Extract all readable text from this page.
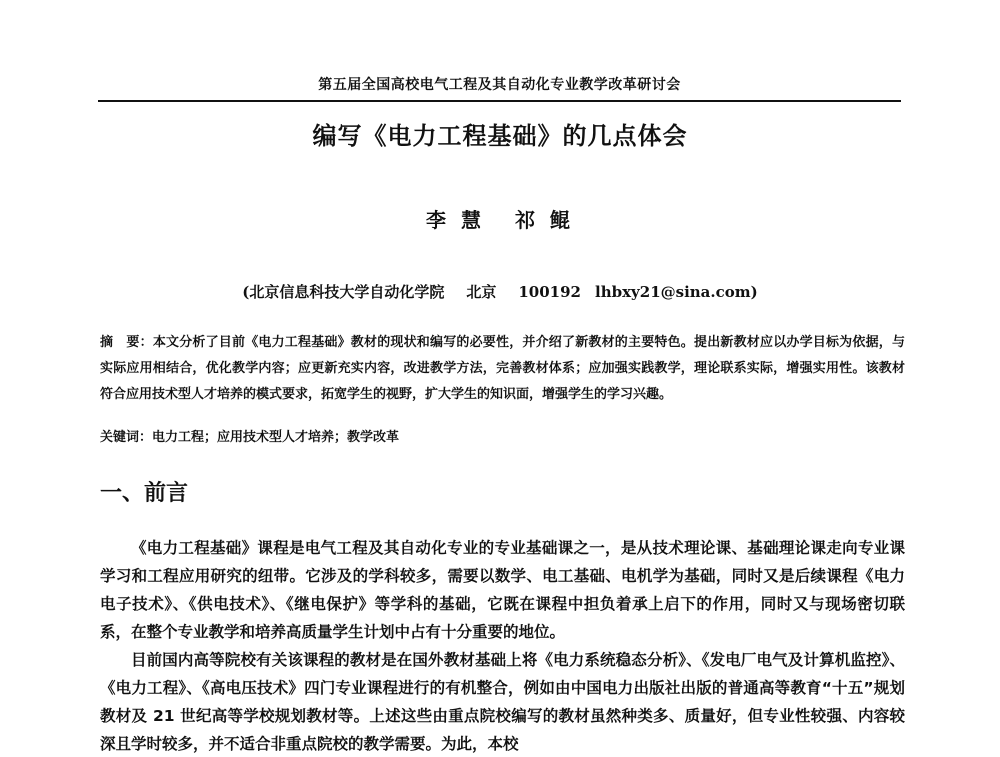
第五届全国高校电气工程及其自动化专业教学改革研讨会
编写《电力工程基础》的几点体会
李 慧 祁 鲲
(北京信息科技大学自动化学院 北京 100192 lhbxy21@sina.com)
摘　要：本文分析了目前《电力工程基础》教材的现状和编写的必要性，并介绍了新教材的主要特色。提出新教材应以办学目标为依据，与实际应用相结合，优化教学内容；应更新充实内容，改进教学方法，完善教材体系；应加强实践教学，理论联系实际，增强实用性。该教材符合应用技术型人才培养的模式要求，拓宽学生的视野，扩大学生的知识面，增强学生的学习兴趣。
关键词：电力工程；应用技术型人才培养；教学改革
一、前言

《电力工程基础》课程是电气工程及其自动化专业的专业基础课之一，是从技术理论课、基础理论课走向专业课学习和工程应用研究的纽带。它涉及的学科较多，需要以数学、电工基础、电机学为基础，同时又是后续课程《电力电子技术》、《供电技术》、《继电保护》等学科的基础，它既在课程中担负着承上启下的作用，同时又与现场密切联系，在整个专业教学和培养高质量学生计划中占有十分重要的地位。

目前国内高等院校有关该课程的教材是在国外教材基础上将《电力系统稳态分析》、《发电厂电气及计算机监控》、《电力工程》、《高电压技术》四门专业课程进行的有机整合，例如由中国电力出版社出版的普通高等教育“十五”规划教材及 21 世纪高等学校规划教材等。上述这些由重点院校编写的教材虽然种类多、质量好，但专业性较强、内容较深且学时较多，并不适合非重点院校的教学需要。为此，本校
